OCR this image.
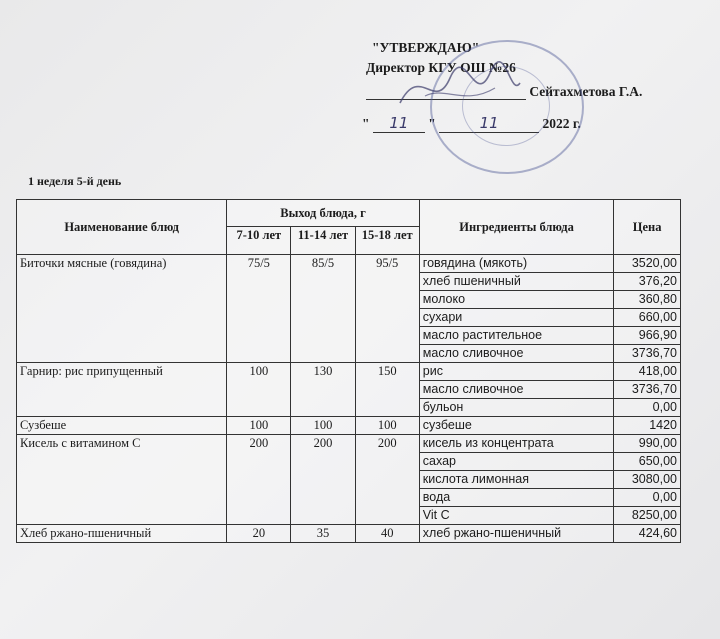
"УТВЕРЖДАЮ"
Директор КГУ ОШ №26
Сейтахметова Г.А.
" 11 "	11	2022 г.
1 неделя 5-й день
Наименование блюд	Выход блюда, г			Ингредиенты блюда	Цена
	7-10 лет	11-14 лет	15-18 лет		
Биточки мясные (говядина)	75/5	85/5	95/5	говядина (мякоть)	3520,00
				хлеб пшеничный	376,20
				молоко	360,80
				сухари	660,00
				масло растительное	966,90
				масло сливочное	3736,70
Гарнир: рис припущенный	100	130	150	рис	418,00
				масло сливочное	3736,70
				бульон	0,00
Сузбеше	100	100	100	сузбеше	1420
Кисель с витамином С	200	200	200	кисель из концентрата	990,00
				сахар	650,00
				кислота лимонная	3080,00
				вода	0,00
				Vit C	8250,00
Хлеб ржано-пшеничный	20	35	40	хлеб ржано-пшеничный	424,60
